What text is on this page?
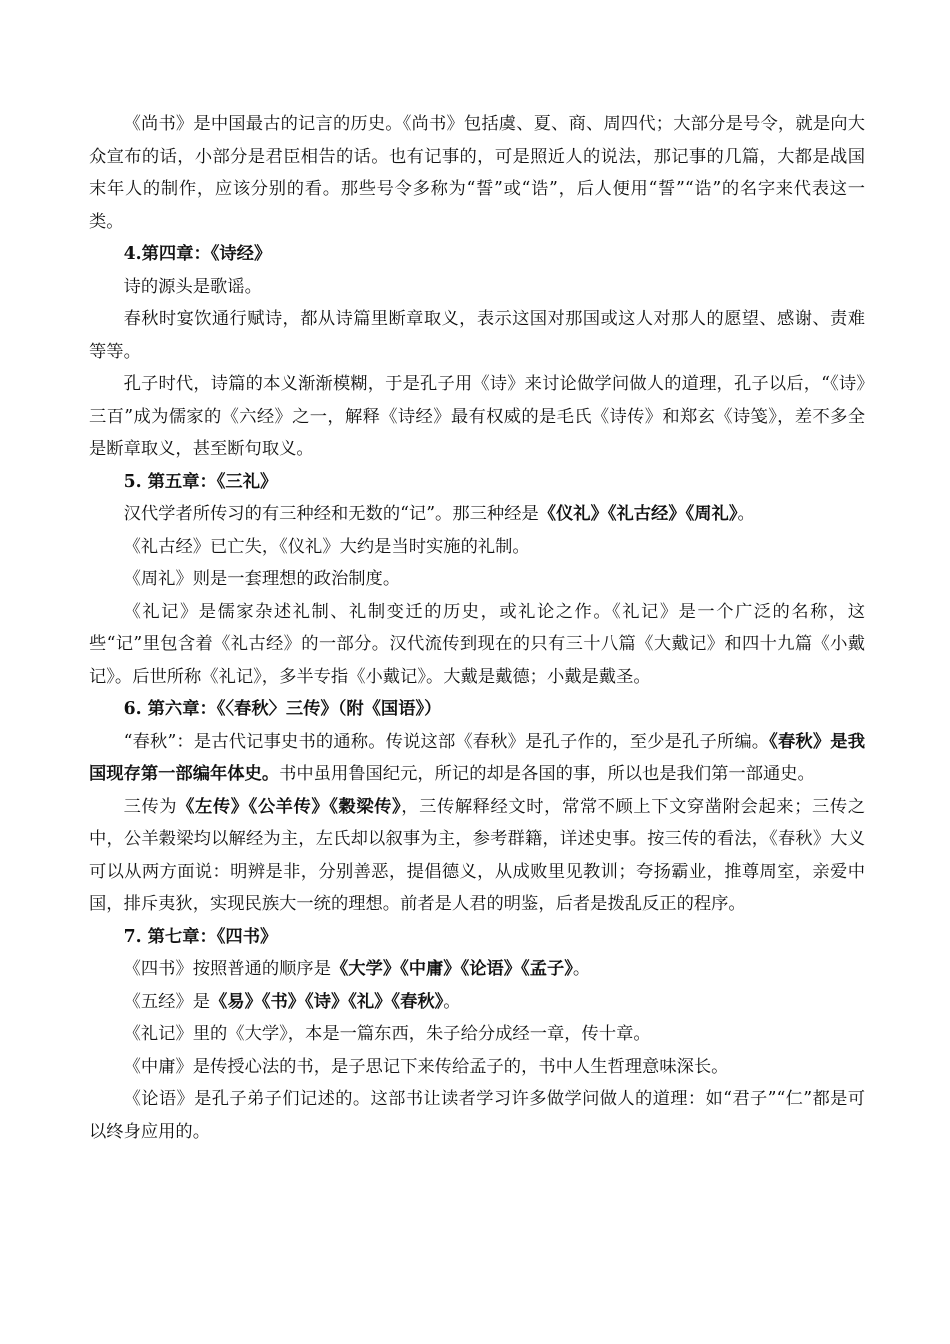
《尚书》是中国最古的记言的历史。《尚书》包括虞、夏、商、周四代；大部分是号令，就是向大众宣布的话，小部分是君臣相告的话。也有记事的，可是照近人的说法，那记事的几篇，大都是战国末年人的制作，应该分别的看。那些号令多称为“誓”或“诰”，后人便用“誓”“诰”的名字来代表这一类。

4.第四章：《诗经》

诗的源头是歌谣。

春秋时宴饮通行赋诗，都从诗篇里断章取义，表示这国对那国或这人对那人的愿望、感谢、责难等等。

孔子时代，诗篇的本义渐渐模糊，于是孔子用《诗》来讨论做学问做人的道理，孔子以后，“《诗》三百”成为儒家的《六经》之一，解释《诗经》最有权威的是毛氏《诗传》和郑玄《诗笺》，差不多全是断章取义，甚至断句取义。

5. 第五章：《三礼》

汉代学者所传习的有三种经和无数的“记”。那三种经是《仪礼》《礼古经》《周礼》。

《礼古经》已亡失，《仪礼》大约是当时实施的礼制。

《周礼》则是一套理想的政治制度。

《礼记》是儒家杂述礼制、礼制变迁的历史，或礼论之作。《礼记》是一个广泛的名称，这些“记”里包含着《礼古经》的一部分。汉代流传到现在的只有三十八篇《大戴记》和四十九篇《小戴记》。后世所称《礼记》，多半专指《小戴记》。大戴是戴德；小戴是戴圣。

6. 第六章：《〈春秋〉三传》（附《国语》）

“春秋”：是古代记事史书的通称。传说这部《春秋》是孔子作的，至少是孔子所编。《春秋》是我国现存第一部编年体史。书中虽用鲁国纪元，所记的却是各国的事，所以也是我们第一部通史。

三传为《左传》《公羊传》《穀梁传》，三传解释经文时，常常不顾上下文穿凿附会起来；三传之中，公羊穀梁均以解经为主，左氏却以叙事为主，参考群籍，详述史事。按三传的看法，《春秋》大义可以从两方面说：明辨是非，分别善恶，提倡德义，从成败里见教训；夸扬霸业，推尊周室，亲爱中国，排斥夷狄，实现民族大一统的理想。前者是人君的明鉴，后者是拨乱反正的程序。

7. 第七章：《四书》

《四书》按照普通的顺序是《大学》《中庸》《论语》《孟子》。

《五经》是《易》《书》《诗》《礼》《春秋》。

《礼记》里的《大学》，本是一篇东西，朱子给分成经一章，传十章。

《中庸》是传授心法的书，是子思记下来传给孟子的，书中人生哲理意味深长。

《论语》是孔子弟子们记述的。这部书让读者学习许多做学问做人的道理：如“君子”“仁”都是可以终身应用的。
